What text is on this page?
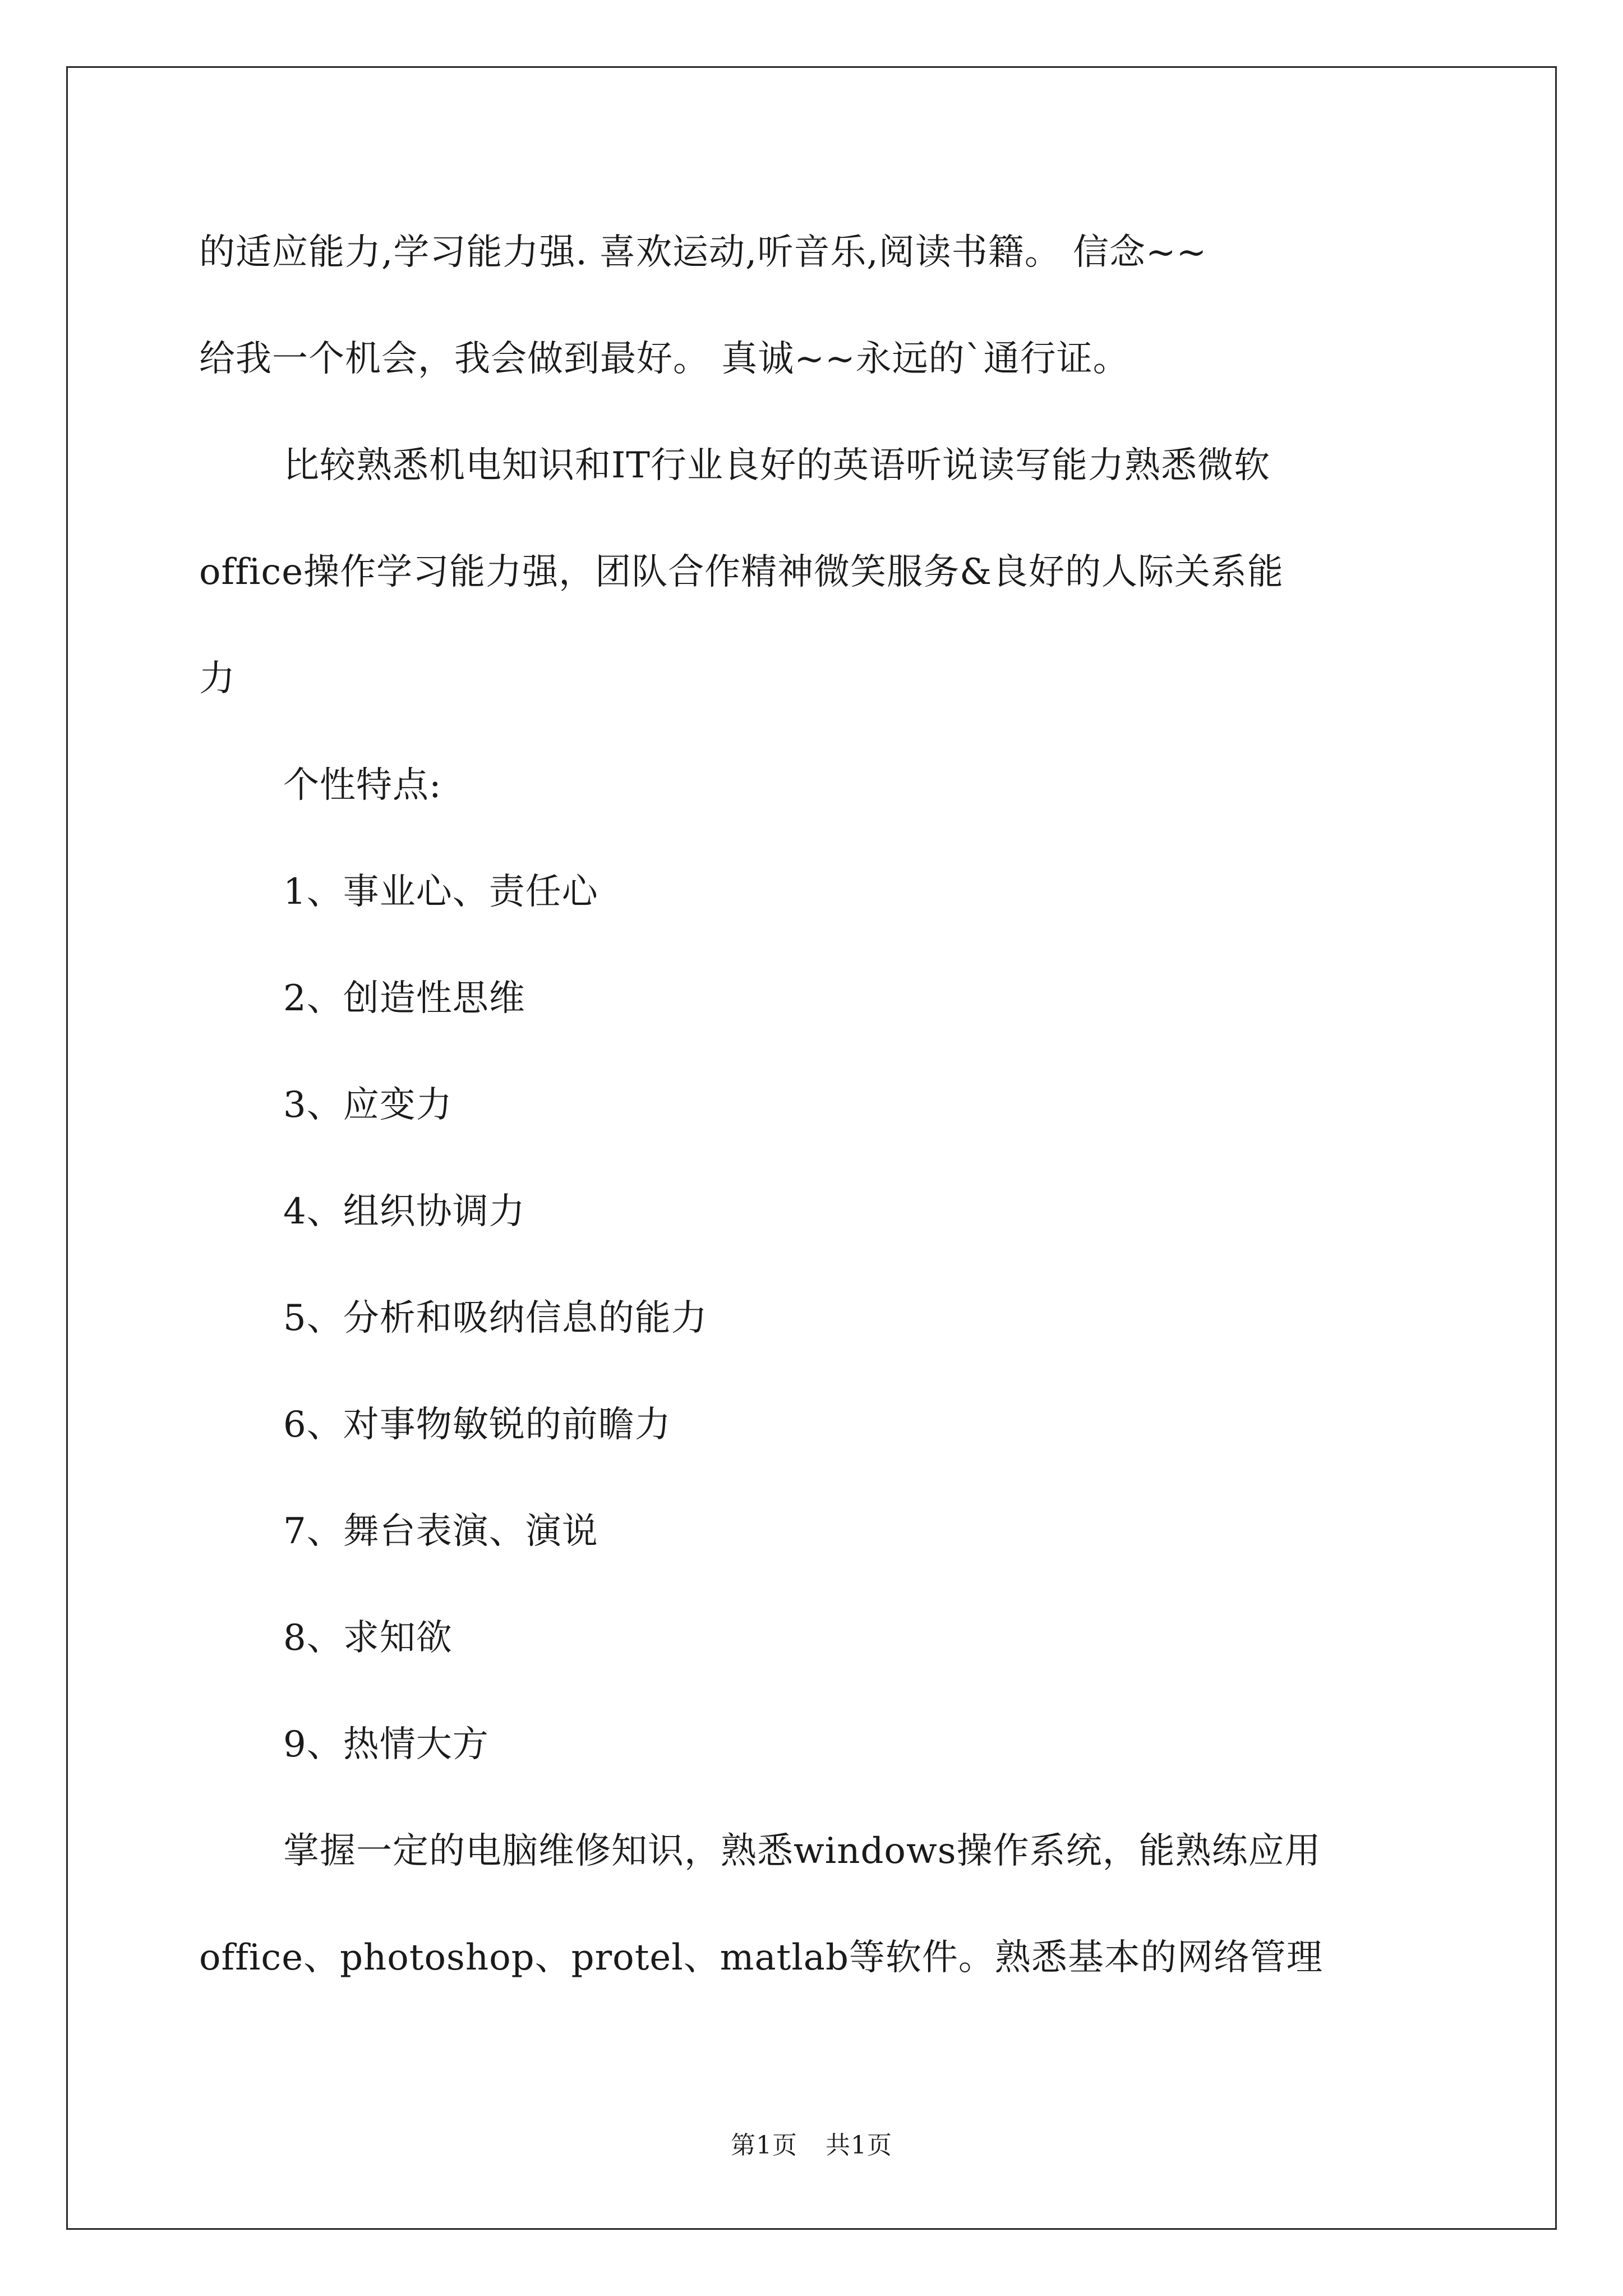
的适应能力,学习能力强. 喜欢运动,听音乐,阅读书籍。 信念~~
给我一个机会，我会做到最好。 真诚~~永远的`通行证。
比较熟悉机电知识和IT行业良好的英语听说读写能力熟悉微软
office操作学习能力强，团队合作精神微笑服务&良好的人际关系能
力
个性特点:
1、事业心、责任心
2、创造性思维
3、应变力
4、组织协调力
5、分析和吸纳信息的能力
6、对事物敏锐的前瞻力
7、舞台表演、演说
8、求知欲
9、热情大方
掌握一定的电脑维修知识，熟悉windows操作系统，能熟练应用
office、photoshop、protel、matlab等软件。熟悉基本的网络管理
第1页 共1页
